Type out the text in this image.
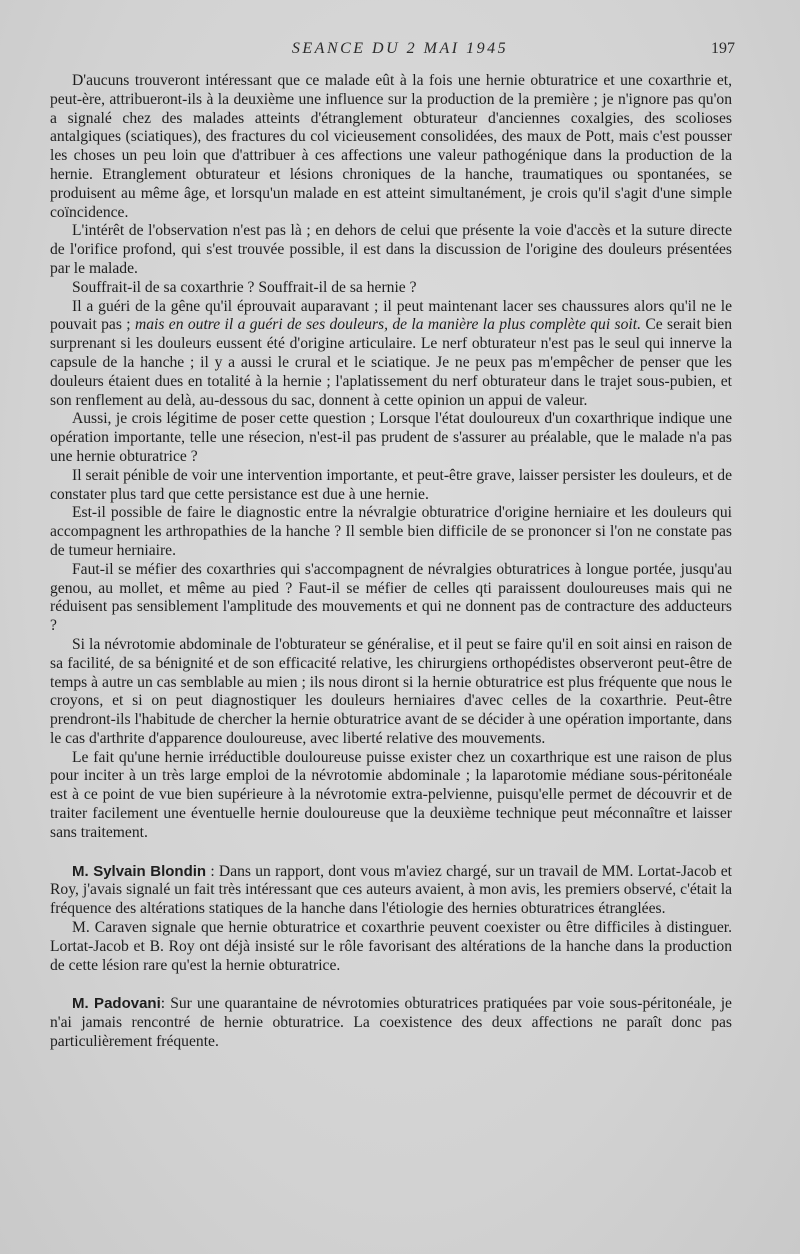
SEANCE DU 2 MAI 1945	197

D'aucuns trouveront intéressant que ce malade eût à la fois une hernie obturatrice et une coxarthrie et, peut-ère, attribueront-ils à la deuxième une influence sur la production de la première ; je n'ignore pas qu'on a signalé chez des malades atteints d'étranglement obturateur d'anciennes coxalgies, des scolioses antalgiques (sciatiques), des fractures du col vicieusement consolidées, des maux de Pott, mais c'est pousser les choses un peu loin que d'attribuer à ces affections une valeur pathogénique dans la production de la hernie. Etranglement obturateur et lésions chroniques de la hanche, traumatiques ou spontanées, se produisent au même âge, et lorsqu'un malade en est atteint simultanément, je crois qu'il s'agit d'une simple coïncidence.

L'intérêt de l'observation n'est pas là ; en dehors de celui que présente la voie d'accès et la suture directe de l'orifice profond, qui s'est trouvée possible, il est dans la discussion de l'origine des douleurs présentées par le malade.

Souffrait-il de sa coxarthrie ? Souffrait-il de sa hernie ?

Il a guéri de la gêne qu'il éprouvait auparavant ; il peut maintenant lacer ses chaussures alors qu'il ne le pouvait pas ; mais en outre il a guéri de ses douleurs, de la manière la plus complète qui soit. Ce serait bien surprenant si les douleurs eussent été d'origine articulaire. Le nerf obturateur n'est pas le seul qui innerve la capsule de la hanche ; il y a aussi le crural et le sciatique. Je ne peux pas m'empêcher de penser que les douleurs étaient dues en totalité à la hernie ; l'aplatissement du nerf obturateur dans le trajet sous-pubien, et son renflement au delà, au-dessous du sac, donnent à cette opinion un appui de valeur.

Aussi, je crois légitime de poser cette question ; Lorsque l'état douloureux d'un coxarthrique indique une opération importante, telle une résecion, n'est-il pas prudent de s'assurer au préalable, que le malade n'a pas une hernie obturatrice ?

Il serait pénible de voir une intervention importante, et peut-être grave, laisser persister les douleurs, et de constater plus tard que cette persistance est due à une hernie.

Est-il possible de faire le diagnostic entre la névralgie obturatrice d'origine herniaire et les douleurs qui accompagnent les arthropathies de la hanche ? Il semble bien difficile de se prononcer si l'on ne constate pas de tumeur herniaire.

Faut-il se méfier des coxarthries qui s'accompagnent de névralgies obturatrices à longue portée, jusqu'au genou, au mollet, et même au pied ? Faut-il se méfier de celles qti paraissent douloureuses mais qui ne réduisent pas sensiblement l'amplitude des mouvements et qui ne donnent pas de contracture des adducteurs ?

Si la névrotomie abdominale de l'obturateur se généralise, et il peut se faire qu'il en soit ainsi en raison de sa facilité, de sa bénignité et de son efficacité relative, les chirurgiens orthopédistes observeront peut-être de temps à autre un cas semblable au mien ; ils nous diront si la hernie obturatrice est plus fréquente que nous le croyons, et si on peut diagnostiquer les douleurs herniaires d'avec celles de la coxarthrie. Peut-être prendront-ils l'habitude de chercher la hernie obturatrice avant de se décider à une opération importante, dans le cas d'arthrite d'apparence douloureuse, avec liberté relative des mouvements.

Le fait qu'une hernie irréductible douloureuse puisse exister chez un coxarthrique est une raison de plus pour inciter à un très large emploi de la névrotomie abdominale ; la laparotomie médiane sous-péritonéale est à ce point de vue bien supérieure à la névrotomie extra-pelvienne, puisqu'elle permet de découvrir et de traiter facilement une éventuelle hernie douloureuse que la deuxième technique peut méconnaître et laisser sans traitement.

M. Sylvain Blondin : Dans un rapport, dont vous m'aviez chargé, sur un travail de MM. Lortat-Jacob et Roy, j'avais signalé un fait très intéressant que ces auteurs avaient, à mon avis, les premiers observé, c'était la fréquence des altérations statiques de la hanche dans l'étiologie des hernies obturatrices étranglées.

M. Caraven signale que hernie obturatrice et coxarthrie peuvent coexister ou être difficiles à distinguer. Lortat-Jacob et B. Roy ont déjà insisté sur le rôle favorisant des altérations de la hanche dans la production de cette lésion rare qu'est la hernie obturatrice.

M. Padovani: Sur une quarantaine de névrotomies obturatrices pratiquées par voie sous-péritonéale, je n'ai jamais rencontré de hernie obturatrice. La coexistence des deux affections ne paraît donc pas particulièrement fréquente.
